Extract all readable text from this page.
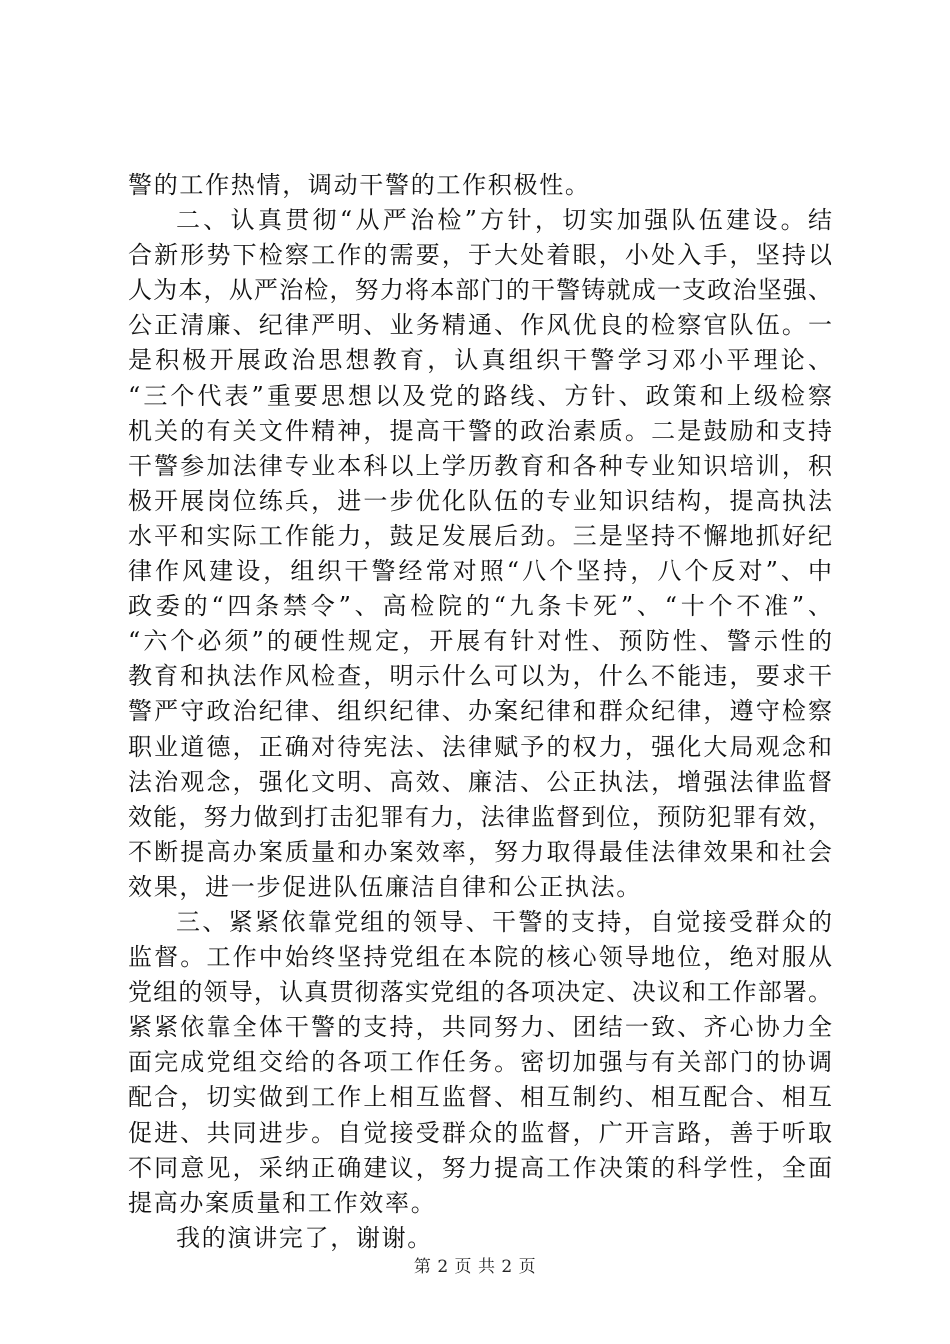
警的工作热情，调动干警的工作积极性。
二、认真贯彻“从严治检”方针，切实加强队伍建设。结
合新形势下检察工作的需要，于大处着眼，小处入手，坚持以
人为本，从严治检，努力将本部门的干警铸就成一支政治坚强、
公正清廉、纪律严明、业务精通、作风优良的检察官队伍。一
是积极开展政治思想教育，认真组织干警学习邓小平理论、
“三个代表”重要思想以及党的路线、方针、政策和上级检察
机关的有关文件精神，提高干警的政治素质。二是鼓励和支持
干警参加法律专业本科以上学历教育和各种专业知识培训，积
极开展岗位练兵，进一步优化队伍的专业知识结构，提高执法
水平和实际工作能力，鼓足发展后劲。三是坚持不懈地抓好纪
律作风建设，组织干警经常对照“八个坚持，八个反对”、中
政委的“四条禁令”、高检院的“九条卡死”、“十个不准”、
“六个必须”的硬性规定，开展有针对性、预防性、警示性的
教育和执法作风检查，明示什么可以为，什么不能违，要求干
警严守政治纪律、组织纪律、办案纪律和群众纪律，遵守检察
职业道德，正确对待宪法、法律赋予的权力，强化大局观念和
法治观念，强化文明、高效、廉洁、公正执法，增强法律监督
效能，努力做到打击犯罪有力，法律监督到位，预防犯罪有效，
不断提高办案质量和办案效率，努力取得最佳法律效果和社会
效果，进一步促进队伍廉洁自律和公正执法。
三、紧紧依靠党组的领导、干警的支持，自觉接受群众的
监督。工作中始终坚持党组在本院的核心领导地位，绝对服从
党组的领导，认真贯彻落实党组的各项决定、决议和工作部署。
紧紧依靠全体干警的支持，共同努力、团结一致、齐心协力全
面完成党组交给的各项工作任务。密切加强与有关部门的协调
配合，切实做到工作上相互监督、相互制约、相互配合、相互
促进、共同进步。自觉接受群众的监督，广开言路，善于听取
不同意见，采纳正确建议，努力提高工作决策的科学性，全面
提高办案质量和工作效率。
我的演讲完了，谢谢。
第 2 页 共 2 页
